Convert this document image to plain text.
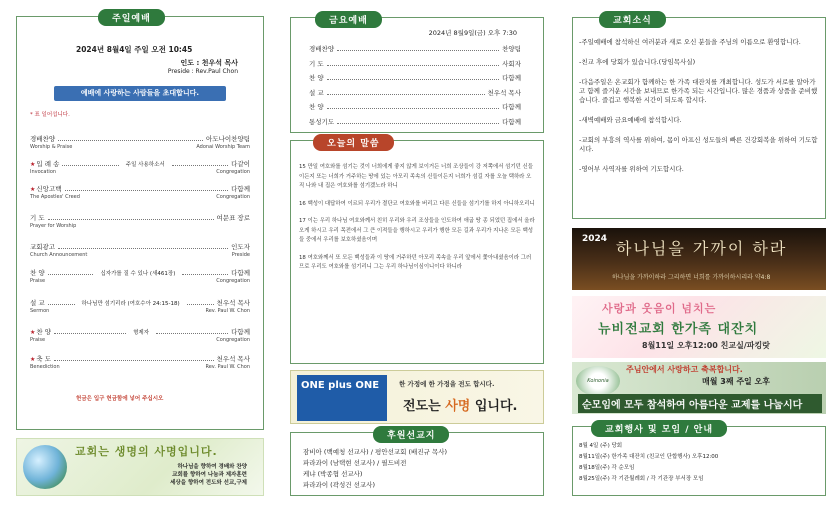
주일예배
2024년 8월4일 주일 오전 10:45
인도 : 천우석 목사
Preside : Rev.Paul Chon
예배에 사랑하는 사람들을 초대합니다.
* 표 일어섭니다.
경배찬양	아도나이찬양팀
Worship & Praise	Adonai Worship Team
★ 입 례 송	주일 사용하소서	다같이
Invocation	Congregation
★ 신앙고백	다함께
The Apostles' Creed	Congregation
기 도	여문표 장로
Prayer for Worship
교회광고	인도자
Church Announcement	Preside
찬 양	십자가를 질 수 있나 (새461장)	다함께
Praise	Congregation
설 교	하나님만 섬기리라 (여호수아 24:15-18)	천우석 목사
Sermon	Rev. Paul W. Chon
★ 찬 양	형제자	다함께
Praise	Congregation
★ 축 도	천우석 목사
Benediction	Rev. Paul W. Chon
헌금은 입구 헌금함에 넣어 주십시오
교회는 생명의 사명입니다.
하나님을 향하여 경배와 찬양
교회를 향하여 나눔과 제자훈련
세상을 향하여 전도와 선교,구제
금요예배
2024년 8월9일(금) 오후 7:30
경배찬양	찬양팀
기 도	사회자
찬 양	다함께
설 교	천우석 목사
찬 양	다함께
통성기도	다함께
오늘의 말씀

15 만일 여호와를 섬기는 것이 너희에게 좋지 않게 보이거든 너희 조상들이 강 저쪽에서 섬기던 신들이든지 또는 너희가 거주하는 땅에 있는 아모리 족속의 신들이든지 너희가 섬길 자를 오늘 택하라 오직 나와 내 집은 여호와를 섬기겠노라 하니

16 백성이 대답하여 이르되 우리가 결단코 여호와를 버리고 다른 신들을 섬기기를 하지 아니하오리니

17 이는 우리 하나님 여호와께서 친히 우리와 우리 조상들을 인도하여 애굽 땅 종 되었던 집에서 올라오게 하시고 우리 목전에서 그 큰 이적들을 행하시고 우리가 행한 모든 길과 우리가 지나온 모든 백성들 중에서 우리를 보호하셨음이며

18 여호와께서 또 모든 백성들과 이 땅에 거주하던 아모리 족속을 우리 앞에서 쫓아내셨음이라 그러므로 우리도 여호와를 섬기리니 그는 우리 하나님이심이니이다 하니라

ONE plus ONE	한 가정에 한 가정을 전도 합시다.
전도는 사명 입니다.
후원선교지
잠비아 (백예청 선교사) / 평안선교회 (배진규 목사)
파라과이 (남택현 선교사) / 필드비전
케냐 (박종협 선교사)
파라과이 (곽성건 선교사)
교회소식
-주일예배에 참석하신 여러분과 새로 오신 분들을 주님의 이름으로 환영합니다.
-친교 후에 당회가 있습니다.(당임목사실)
-다음주일은 온교회가 함께하는 한 가족 대잔치를 개최합니다. 성도가 서로를 알아가고 함께 즐거운 시간을 보내므로 한가족 되는 시간입니다. 많은 경품과 상품을 준비했습니다. 즐겁고 행복한 시간이 되도록 합시다.
-새벽예배와 금요예배에 참석합시다.
-교회의 부흥의 역사를 위하여, 몸이 아프신 성도들의 빠른 건강회복을 위하여 기도합시다.
-영어부 사역자를 위하여 기도합시다.
2024 하나님을 가까이 하라
하나님을 가까이하라 그리하면 너희를 가까이하시리라 약4:8
사랑과 웃음이 넘치는
뉴비전교회 한가족 대잔치
8월11일 오후12:00 친교실/파킹랏
Koinonia
주님안에서 사랑하고 축복합니다.
매월 3째 주일 오후
순모임에 모두 참석하여 아름다운 교제를 나눕시다
교회행사 및 모임 / 안내
8월 4일 (주) 당회
8월11일(주) 한가족 대잔치 (친교인 단합행사) 오후12:00
8월18일(주) 각 순모임
8월25일(주) 각 기관월례회 / 각 기관장 부서장 모임
